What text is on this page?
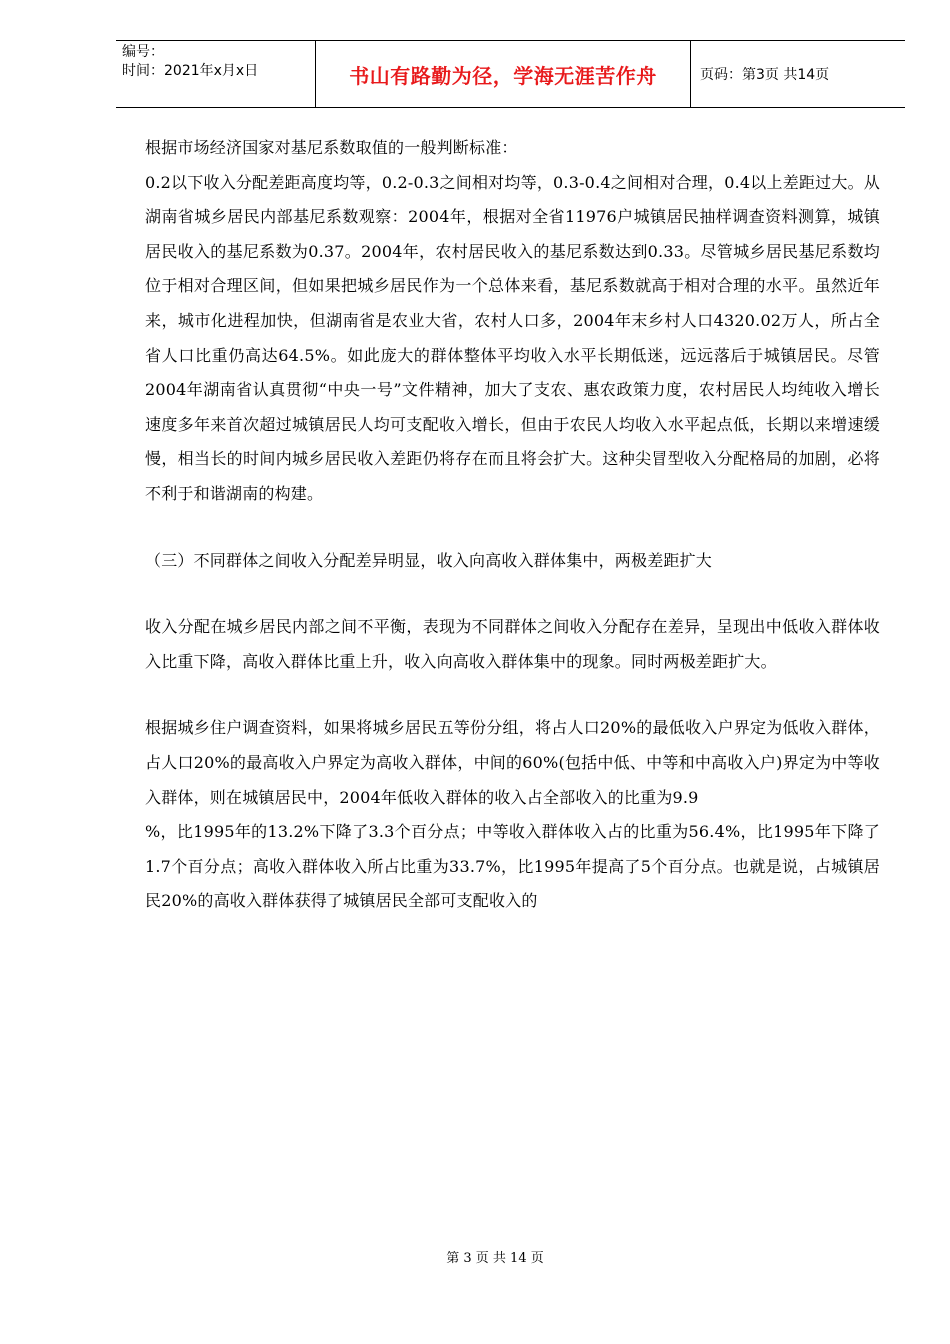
编号：
时间：2021年x月x日	书山有路勤为径，学海无涯苦作舟	页码：第3页 共14页

根据市场经济国家对基尼系数取值的一般判断标准：

0.2以下收入分配差距高度均等，0.2-0.3之间相对均等，0.3-0.4之间相对合理，0.4以上差距过大。从湖南省城乡居民内部基尼系数观察：2004年，根据对全省11976户城镇居民抽样调查资料测算，城镇居民收入的基尼系数为0.37。2004年，农村居民收入的基尼系数达到0.33。尽管城乡居民基尼系数均位于相对合理区间，但如果把城乡居民作为一个总体来看，基尼系数就高于相对合理的水平。虽然近年来，城市化进程加快，但湖南省是农业大省，农村人口多，2004年末乡村人口4320.02万人，所占全省人口比重仍高达64.5%。如此庞大的群体整体平均收入水平长期低迷，远远落后于城镇居民。尽管2004年湖南省认真贯彻“中央一号”文件精神，加大了支农、惠农政策力度，农村居民人均纯收入增长速度多年来首次超过城镇居民人均可支配收入增长，但由于农民人均收入水平起点低，长期以来增速缓慢，相当长的时间内城乡居民收入差距仍将存在而且将会扩大。这种尖冒型收入分配格局的加剧，必将不利于和谐湖南的构建。

（三）不同群体之间收入分配差异明显，收入向高收入群体集中，两极差距扩大

收入分配在城乡居民内部之间不平衡，表现为不同群体之间收入分配存在差异，呈现出中低收入群体收入比重下降，高收入群体比重上升，收入向高收入群体集中的现象。同时两极差距扩大。

根据城乡住户调查资料，如果将城乡居民五等份分组，将占人口20%的最低收入户界定为低收入群体，占人口20%的最高收入户界定为高收入群体，中间的60%(包括中低、中等和中高收入户)界定为中等收入群体，则在城镇居民中，2004年低收入群体的收入占全部收入的比重为9.9

%，比1995年的13.2%下降了3.3个百分点；中等收入群体收入占的比重为56.4%，比1995年下降了1.7个百分点；高收入群体收入所占比重为33.7%，比1995年提高了5个百分点。也就是说，占城镇居民20%的高收入群体获得了城镇居民全部可支配收入的

第 3 页 共 14 页
